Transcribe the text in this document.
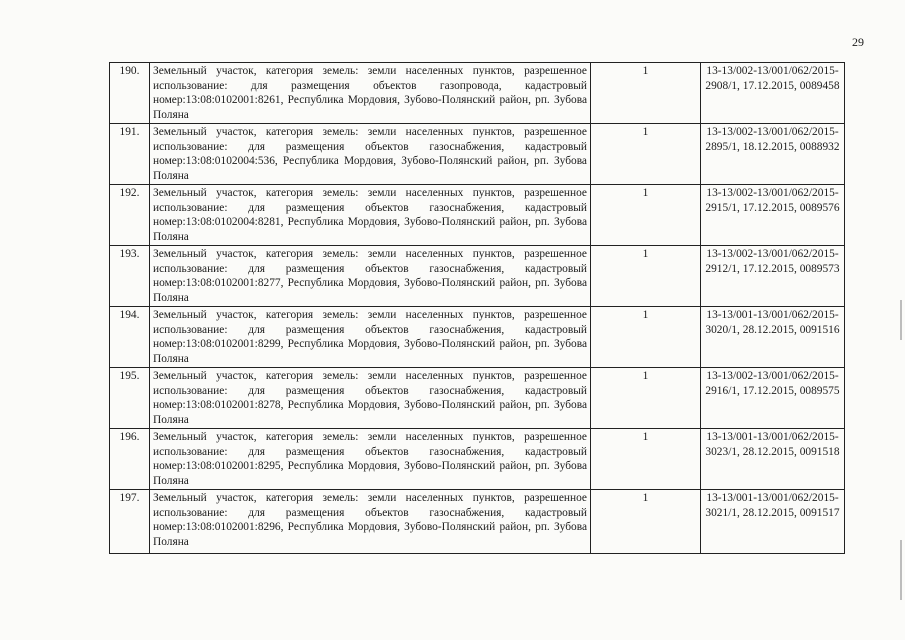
29
190.	Земельный участок, категория земель: земли населенных пунктов, разрешенное использование: для размещения объектов газопровода, кадастровый номер:13:08:0102001:8261, Республика Мордовия, Зубово-Полянский район, рп. Зубова Поляна	1	13-13/002-13/001/062/2015-2908/1, 17.12.2015, 0089458
191.	Земельный участок, категория земель: земли населенных пунктов, разрешенное использование: для размещения объектов газоснабжения, кадастровый номер:13:08:0102004:536, Республика Мордовия, Зубово-Полянский район, рп. Зубова Поляна	1	13-13/002-13/001/062/2015-2895/1, 18.12.2015, 0088932
192.	Земельный участок, категория земель: земли населенных пунктов, разрешенное использование: для размещения объектов газоснабжения, кадастровый номер:13:08:0102004:8281, Республика Мордовия, Зубово-Полянский район, рп. Зубова Поляна	1	13-13/002-13/001/062/2015-2915/1, 17.12.2015, 0089576
193.	Земельный участок, категория земель: земли населенных пунктов, разрешенное использование: для размещения объектов газоснабжения, кадастровый номер:13:08:0102001:8277, Республика Мордовия, Зубово-Полянский район, рп. Зубова Поляна	1	13-13/002-13/001/062/2015-2912/1, 17.12.2015, 0089573
194.	Земельный участок, категория земель: земли населенных пунктов, разрешенное использование: для размещения объектов газоснабжения, кадастровый номер:13:08:0102001:8299, Республика Мордовия, Зубово-Полянский район, рп. Зубова Поляна	1	13-13/001-13/001/062/2015-3020/1, 28.12.2015, 0091516
195.	Земельный участок, категория земель: земли населенных пунктов, разрешенное использование: для размещения объектов газоснабжения, кадастровый номер:13:08:0102001:8278, Республика Мордовия, Зубово-Полянский район, рп. Зубова Поляна	1	13-13/002-13/001/062/2015-2916/1, 17.12.2015, 0089575
196.	Земельный участок, категория земель: земли населенных пунктов, разрешенное использование: для размещения объектов газоснабжения, кадастровый номер:13:08:0102001:8295, Республика Мордовия, Зубово-Полянский район, рп. Зубова Поляна	1	13-13/001-13/001/062/2015-3023/1, 28.12.2015, 0091518
197.	Земельный участок, категория земель: земли населенных пунктов, разрешенное использование: для размещения объектов газоснабжения, кадастровый номер:13:08:0102001:8296, Республика Мордовия, Зубово-Полянский район, рп. Зубова Поляна	1	13-13/001-13/001/062/2015-3021/1, 28.12.2015, 0091517
